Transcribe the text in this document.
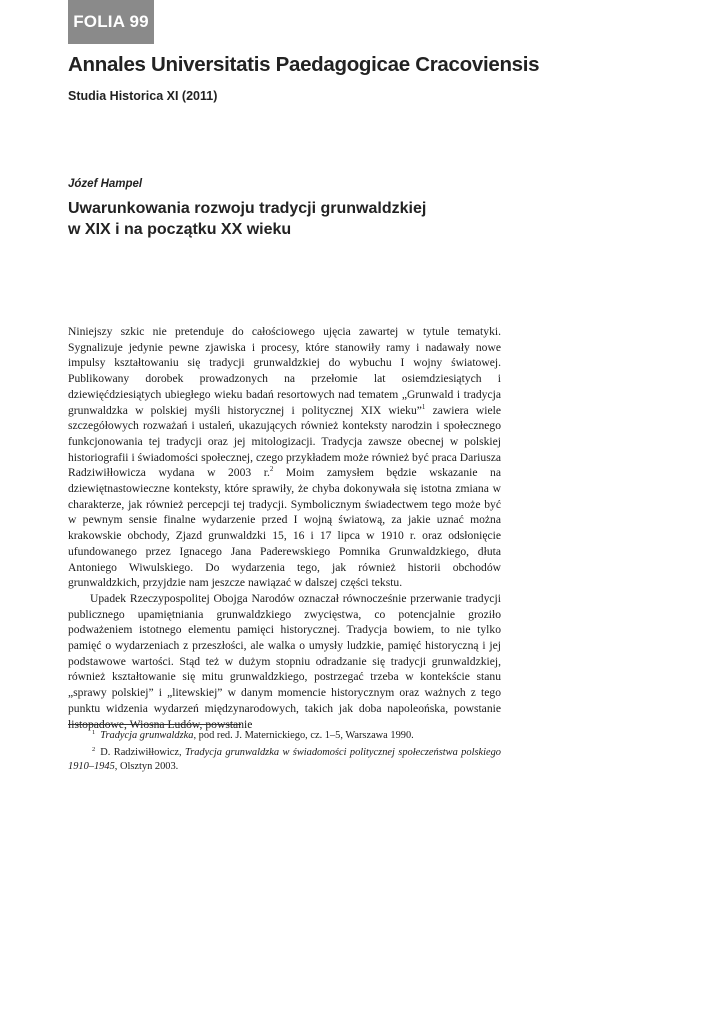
FOLIA 99
Annales Universitatis Paedagogicae Cracoviensis
Studia Historica XI (2011)
Józef Hampel
Uwarunkowania rozwoju tradycji grunwaldzkiej
w XIX i na początku XX wieku

Niniejszy szkic nie pretenduje do całościowego ujęcia zawartej w tytule tematyki. Sygnalizuje jedynie pewne zjawiska i procesy, które stanowiły ramy i nadawały nowe impulsy kształtowaniu się tradycji grunwaldzkiej do wybuchu I wojny światowej. Publikowany dorobek prowadzonych na przełomie lat osiemdziesiątych i dziewięćdziesiątych ubiegłego wieku badań resortowych nad tematem „Grunwald i tradycja grunwaldzka w polskiej myśli historycznej i politycznej XIX wieku”$^1$ zawiera wiele szczegółowych rozważań i ustaleń, ukazujących również konteksty narodzin i społecznego funkcjonowania tej tradycji oraz jej mitologizacji. Tradycja zawsze obecnej w polskiej historiografii i świadomości społecznej, czego przykładem może również być praca Dariusza Radziwiłłowicza wydana w 2003 r.$^2$ Moim zamysłem będzie wskazanie na dziewiętnastowieczne konteksty, które sprawiły, że chyba dokonywała się istotna zmiana w charakterze, jak również percepcji tej tradycji. Symbolicznym świadectwem tego może być w pewnym sensie finalne wydarzenie przed I wojną światową, za jakie uznać można krakowskie obchody, Zjazd grunwaldzki 15, 16 i 17 lipca w 1910 r. oraz odsłonięcie ufundowanego przez Ignacego Jana Paderewskiego Pomnika Grunwaldzkiego, dłuta Antoniego Wiwulskiego. Do wydarzenia tego, jak również historii obchodów grunwaldzkich, przyjdzie nam jeszcze nawiązać w dalszej części tekstu.

Upadek Rzeczypospolitej Obojga Narodów oznaczał równocześnie przerwanie tradycji publicznego upamiętniania grunwaldzkiego zwycięstwa, co potencjalnie groziło podważeniem istotnego elementu pamięci historycznej. Tradycja bowiem, to nie tylko pamięć o wydarzeniach z przeszłości, ale walka o umysły ludzkie, pamięć historyczną i jej podstawowe wartości. Stąd też w dużym stopniu odradzanie się tradycji grunwaldzkiej, również kształtowanie się mitu grunwaldzkiego, postrzegać trzeba w kontekście stanu „sprawy polskiej” i „litewskiej” w danym momencie historycznym oraz ważnych z tego punktu widzenia wydarzeń międzynarodowych, takich jak doba napoleońska, powstanie listopadowe, Wiosna Ludów, powstanie

$^1$ Tradycja grunwaldzka, pod red. J. Maternickiego, cz. 1–5, Warszawa 1990.

$^2$ D. Radziwiłłowicz, Tradycja grunwaldzka w świadomości politycznej społeczeństwa polskiego 1910–1945, Olsztyn 2003.
